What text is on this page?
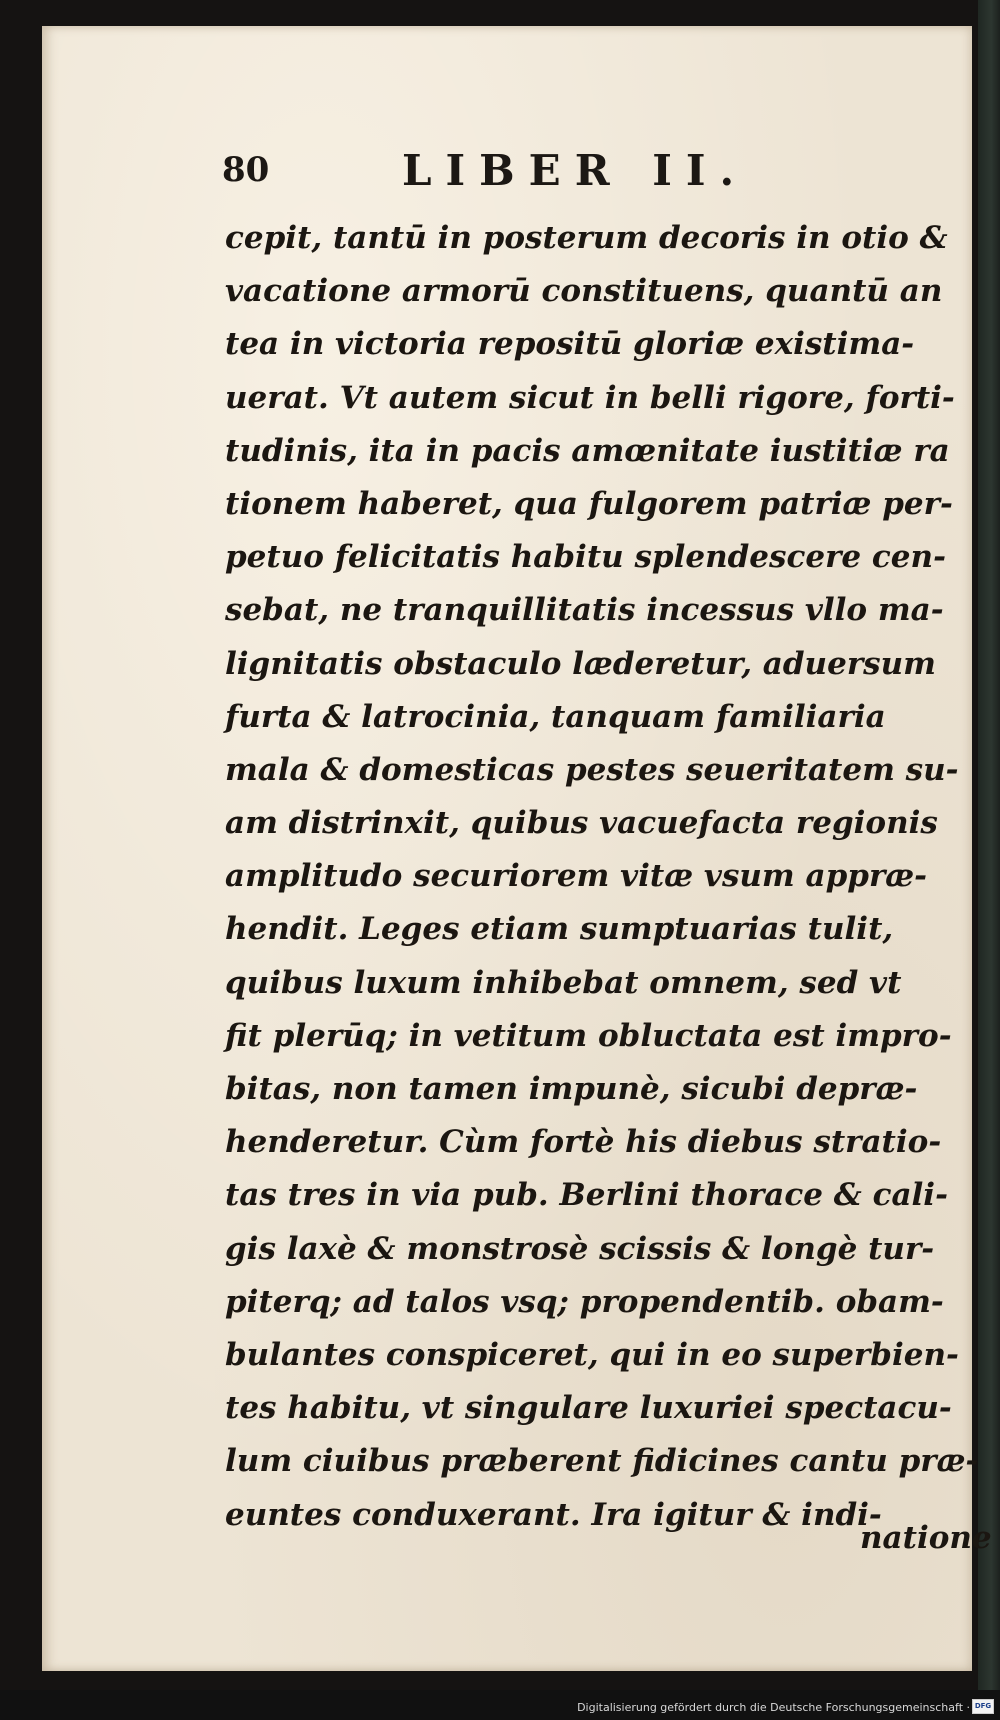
80	LIBER II.
cepit, tantū in posterum decoris in otio &
vacatione armorū constituens, quantū an
tea in victoria repositū gloriæ existima-
uerat. Vt autem sicut in belli rigore, forti-
tudinis, ita in pacis amœnitate iustitiæ ra
tionem haberet, qua fulgorem patriæ per-
petuo felicitatis habitu splendescere cen-
sebat, ne tranquillitatis incessus vllo ma-
lignitatis obstaculo læderetur, aduersum
furta & latrocinia, tanquam familiaria
mala & domesticas pestes seueritatem su-
am distrinxit, quibus vacuefacta regionis
amplitudo securiorem vitæ vsum appræ-
hendit. Leges etiam sumptuarias tulit,
quibus luxum inhibebat omnem, sed vt
fit plerūq; in vetitum obluctata est impro-
bitas, non tamen impunè, sicubi depræ-
henderetur. Cùm fortè his diebus stratio-
tas tres in via pub. Berlini thorace & cali-
gis laxè & monstrosè scissis & longè tur-
piterq; ad talos vsq; propendentib. obam-
bulantes conspiceret, qui in eo superbien-
tes habitu, vt singulare luxuriei spectacu-
lum ciuibus præberent fidicines cantu præ-
euntes conduxerant. Ira igitur & indi-
natione
Digitalisierung gefördert durch die Deutsche Forschungsgemeinschaft · DFG
